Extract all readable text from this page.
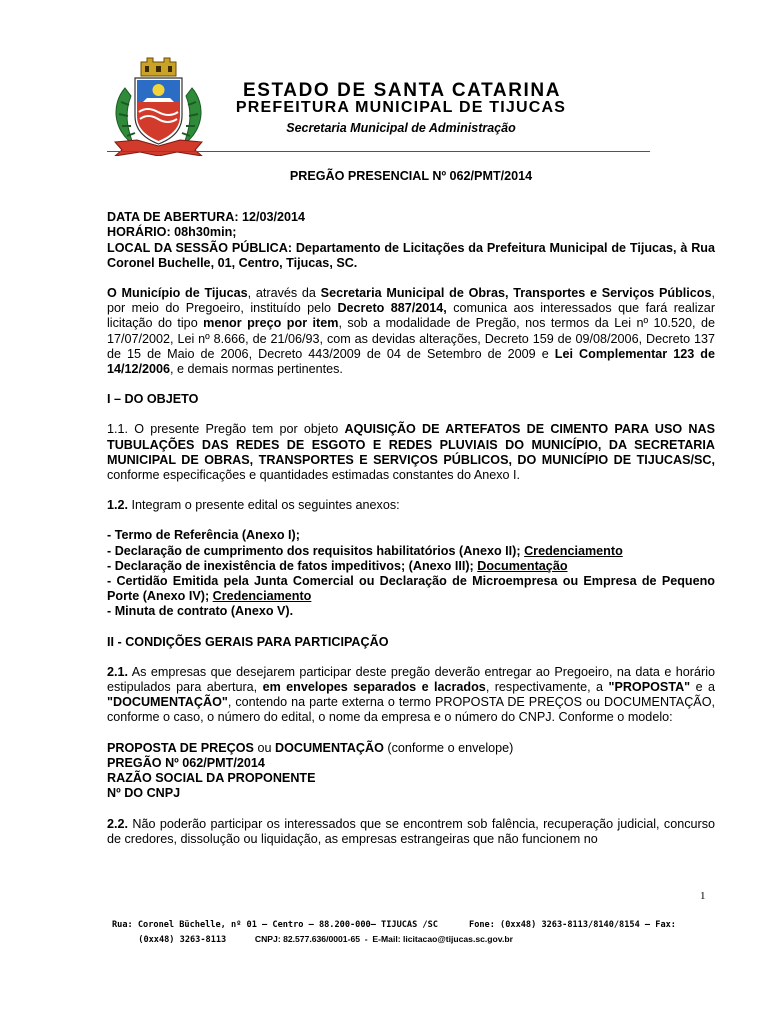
ESTADO DE SANTA CATARINA
PREFEITURA MUNICIPAL DE TIJUCAS
Secretaria Municipal de Administração

PREGÃO PRESENCIAL Nº 062/PMT/2014

DATA DE ABERTURA: 12/03/2014

HORÁRIO: 08h30min;

LOCAL DA SESSÃO PÚBLICA: Departamento de Licitações da Prefeitura Municipal de Tijucas, à Rua Coronel Buchelle, 01, Centro, Tijucas, SC.

O Município de Tijucas, através da Secretaria Municipal de Obras, Transportes e Serviços Públicos, por meio do Pregoeiro, instituído pelo Decreto 887/2014, comunica aos interessados que fará realizar licitação do tipo menor preço por item, sob a modalidade de Pregão, nos termos da Lei nº 10.520, de 17/07/2002, Lei nº 8.666, de 21/06/93, com as devidas alterações, Decreto 159 de 09/08/2006, Decreto 137 de 15 de Maio de 2006, Decreto 443/2009 de 04 de Setembro de 2009 e Lei Complementar 123 de 14/12/2006, e demais normas pertinentes.

I – DO OBJETO

1.1. O presente Pregão tem por objeto AQUISIÇÃO DE ARTEFATOS DE CIMENTO PARA USO NAS TUBULAÇÕES DAS REDES DE ESGOTO E REDES PLUVIAIS DO MUNICÍPIO, DA SECRETARIA MUNICIPAL DE OBRAS, TRANSPORTES E SERVIÇOS PÚBLICOS, DO MUNICÍPIO DE TIJUCAS/SC, conforme especificações e quantidades estimadas constantes do Anexo I.

1.2. Integram o presente edital os seguintes anexos:

- Termo de Referência (Anexo I);

- Declaração de cumprimento dos requisitos habilitatórios (Anexo II); Credenciamento

- Declaração de inexistência de fatos impeditivos; (Anexo III); Documentação

- Certidão Emitida pela Junta Comercial ou Declaração de Microempresa ou Empresa de Pequeno Porte (Anexo IV); Credenciamento

- Minuta de contrato (Anexo V).

II - CONDIÇÕES GERAIS PARA PARTICIPAÇÃO

2.1. As empresas que desejarem participar deste pregão deverão entregar ao Pregoeiro, na data e horário estipulados para abertura, em envelopes separados e lacrados, respectivamente, a "PROPOSTA" e a "DOCUMENTAÇÃO", contendo na parte externa o termo PROPOSTA DE PREÇOS ou DOCUMENTAÇÃO, conforme o caso, o número do edital, o nome da empresa e o número do CNPJ. Conforme o modelo:

PROPOSTA DE PREÇOS ou DOCUMENTAÇÃO (conforme o envelope)

PREGÃO Nº 062/PMT/2014

RAZÃO SOCIAL DA PROPONENTE

Nº DO CNPJ

2.2. Não poderão participar os interessados que se encontrem sob falência, recuperação judicial, concurso de credores, dissolução ou liquidação, as empresas estrangeiras que não funcionem no

1
Rua: Coronel Büchelle, nº 01 – Centro – 88.200-000– TIJUCAS /SC	Fone: (0xx48) 3263-8113/8140/8154 – Fax:
(0xx48) 3263-8113	CNPJ: 82.577.636/0001-65  -  E-Mail: licitacao@tijucas.sc.gov.br
